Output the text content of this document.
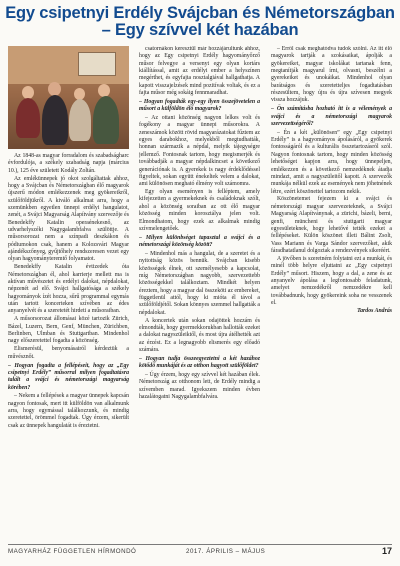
Egy csipetnyi Erdély Svájcban és Németországban
– Egy szívvel két hazában

Az 1848-as magyar forradalom és szabadságharc évfordulója, a székely szabadság napja (március 10.), 125 éve született Kodály Zoltán.

Az emlékünnepek jó okot szolgáltattak ahhoz, hogy a Svájcban és Németországban élő magyarok újszerű módon emlékezzenek meg gyökereikről, szülőföldjükről. A kiváló alkalmat arra, hogy a szemünkben egyetlen ünnepi erdélyi hangulatot, zenét, a Svájci Magyarság Alapítvány szervezője és Benedekffy Katalin operaénekesnő, az udvarhelyszéki Nagygalambfalva szülöttje. A műsorsorozat nem a színpadi deszkákon és pódiumokon csak, hanem a Kolozsvári Magyar ajándékszőnyeg, gyűjtőhely rendszeresen vezet egy olyan hagyományteremtő folyamatot.

Benedekffy Katalin évtizedek óta Németországban él, ahol karrierje mellett ma is aktívan művészetet és erdélyi dalokat, népdalokat, népzenét ad elő. Svájci hallgatósága a székely hagyományok ízét hozza, sűrű programmal egymás után tartott koncerteken szívében az édes anyanyelvét és a szeretetét hirdeti a műsoraiban.

A műsorsorozat állomásai közé tartozik Zürich, Bázel, Luzern, Bern, Genf, München, Zürichben, Berlinben, Ulmban és Stuttgartban. Mindenhol nagy előszeretettel fogadta a közönség.

Elismerésül, benyomásairól kérdeztük a művésznőt.

– Hogyan fogadta a fellépéseit, hogy az „Egy csipetnyi Erdély” műsorral milyen fogadtatásra talált a svájci és németországi magyarság körében?

– Nekem a fellépések a magyar ünnepek kapcsán nagyon fontosak, mert itt külföldön van alkalmunk arra, hogy egymással találkozzunk, és mindig szeretettel, örömmel fogadtak. Úgy érzem, sikerült csak az ünnepek hangulatát is éreztetni.

csatornákon keresztül már hozzájárultunk ahhoz, hogy az Egy csipetnyi Erdély hagyományőrző műsor felvegye a versenyt egy olyan kortárs kiállítással, amit az erdélyi ember a helyszínen megérthet, és egyfajta nosztalgiával hallgathatja. A kapott visszajelzések mind pozitívak voltak, és ez a fajta műsor még sokáig fennmaradhat.

– Hogyan fogadták egy-egy ilyen összejövetelen a műsort a külföldön élő magyarok?

– Az ottani közönség nagyon lelkes volt és fogékony a magyar ünnepi műsorokra. A zeneszámok között rövid magyarázatokat fűztem az egyes darabokhoz, melyekből megtudhatták, honnan származik a népdal, melyik tájegységre jellemző. Fontosnak tartom, hogy megismerjék és továbbadják a magyar népdalkincset a következő generációnak is. A gyerekek is nagy érdeklődéssel figyeltek, sokan együtt énekeltek velem a dalokat, ami különösen megható élmény volt számomra.

Egy olyan eseményen is felléptem, amely kifejezetten a gyermekeknek és családoknak szólt, ahol a közönség soraiban az ott élő magyar közösség minden korosztálya jelen volt. Elmondhatom, hogy ezek az alkalmak mindig szívmelengetőek.

– Milyen különbséget tapasztal a svájci és a németországi közönség között?

– Mindenhol más a hangulat, de a szeretet és a nyitottság közös bennük. Svájcban kisebb közösségek élnek, ott személyesebb a kapcsolat, míg Németországban nagyobb, szervezettebb közösségekkel találkoztam. Mindkét helyen éreztem, hogy a magyar dal összeköti az embereket, függetlenül attól, hogy ki mióta él távol a szülőföldjétől. Sokan könnyes szemmel hallgatták a népdalokat.

A koncertek után sokan odajöttek hozzám és elmondták, hogy gyermekkorukban hallották ezeket a dalokat nagyszüleiktől, és most újra átélhették azt az érzést. Ez a legnagyobb elismerés egy előadó számára.

– Hogyan tudja összeegyeztetni a két hazához kötődő munkáját és az otthon hagyott szülőföldet?

– Úgy érzem, hogy egy szívvel két hazában élek. Németország az otthonom lett, de Erdély mindig a szívemben marad. Igyekszem minden évben hazalátogatni Nagygalambfalvára.

– Erről csak meghatódva tudok szólni. Az itt élő magyarok tartják a szokásaikat, ápolják a gyökereiket, magyar iskolákat tartanak fenn, megtanítják magyarul írni, olvasni, beszélni a gyerekeiket és unokáikat. Mindenhol olyan barátságos és szeretetteljes fogadtatásban részesültem, hogy újra és újra szívesen megyek vissza hozzájuk.

– Ön számításba hozható itt is a vélemények a svájci és a németországi magyarok szervezettségéről?

– Én a két „különösen” egy „Egy csipetnyi Erdély” is a hagyományos ápolásáról, a gyökerek fontosságáról és a kulturális összetartozásról szól. Nagyon fontosnak tartom, hogy minden közösség lehetőséget kapjon arra, hogy ünnepeljen, emlékezzen és a következő nemzedéknek átadja mindazt, amit a nagyszüleitől kapott. A szervezők munkája nélkül ezek az események nem jöhetnének létre, ezért köszönettel tartozom nekik.

Köszönetemet fejezem ki a svájci és németországi magyar szervezeteknek, a Svájci Magyarság Alapítványnak, a zürichi, bázeli, berni, genfi, müncheni és stuttgarti magyar egyesületeknek, hogy lehetővé tették ezeket a fellépéseket. Külön köszönet illeti Bálint Zsolt, Vass Mariann és Varga Sándor szervezőket, akik fáradhatatlanul dolgoztak a rendezvények sikeréért.

A jövőben is szeretném folytatni ezt a munkát, és minél több helyre eljuttatni az „Egy csipetnyi Erdély” műsort. Hiszem, hogy a dal, a zene és az anyanyelv ápolása a legfontosabb feladatunk, amelyet nemzedékről nemzedékre kell továbbadnunk, hogy gyökereink soha ne vesszenek el.

Tardos András

MAGYARHÁZ FÜGGETLEN HÍRMONDÓ	2017. ÁPRILIS – MÁJUS	17
